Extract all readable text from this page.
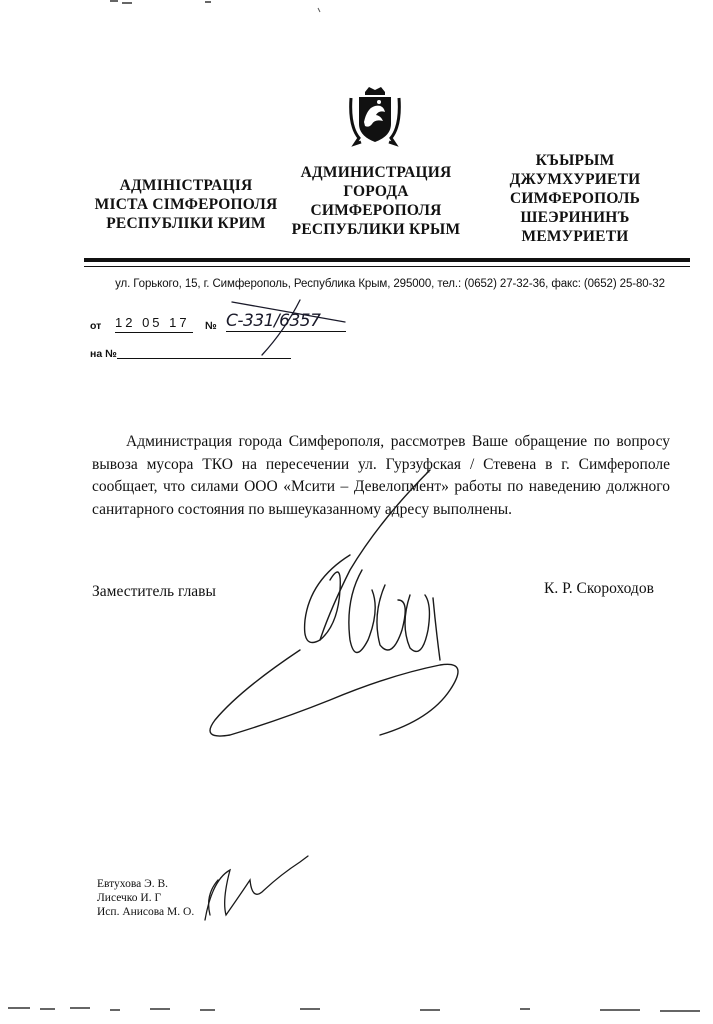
АДМІНІСТРАЦІЯ
МІСТА СІМФЕРОПОЛЯ
РЕСПУБЛІКИ КРИМ
АДМИНИСТРАЦИЯ
ГОРОДА
СИМФЕРОПОЛЯ
РЕСПУБЛИКИ КРЫМ
КЪЫРЫМ
ДЖУМХУРИЕТИ
СИМФЕРОПОЛЬ
ШЕЭРИНИНЪ
МЕМУРИЕТИ
ул. Горького, 15, г. Симферополь, Республика Крым, 295000, тел.: (0652) 27-32-36, факс: (0652) 25-80-32
от 12 05 17	№ С-331/6357
на №
Администрация города Симферополя, рассмотрев Ваше обращение по вопросу вывоза мусора ТКО на пересечении ул. Гурзуфская / Стевена в г. Симферополе сообщает, что силами ООО «Мсити – Девелопмент» работы по наведению должного санитарного состояния по вышеуказанному адресу выполнены.
Заместитель главы	К. Р. Скороходов
Евтухова Э. В.
Лисечко И. Г
Исп. Анисова М. О.
